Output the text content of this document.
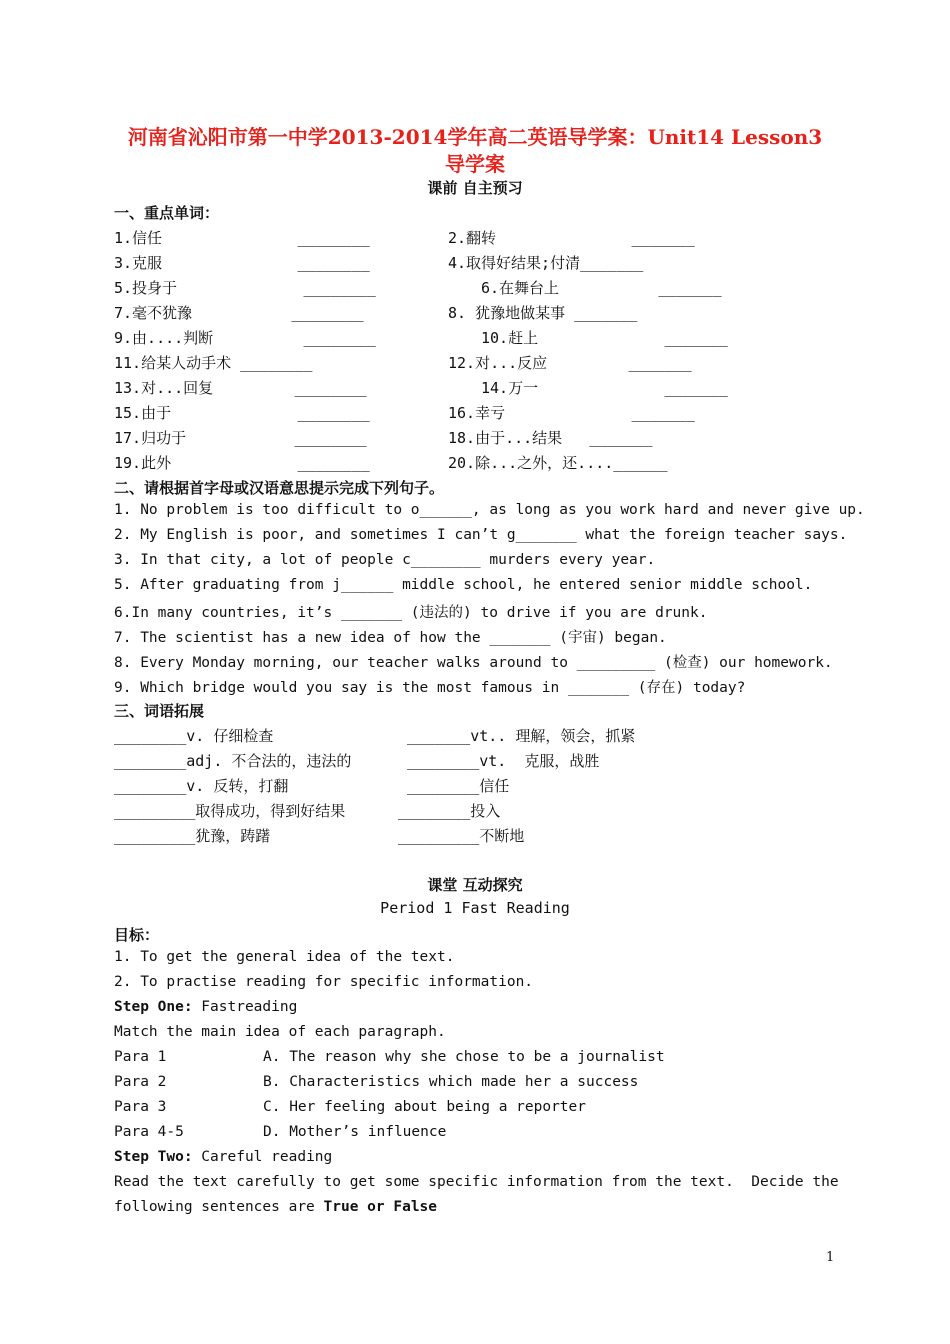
河南省沁阳市第一中学2013-2014学年高二英语导学案：Unit14 Lesson3
导学案
课前 自主预习
一、重点单词：
1.信任               ________	2.翻转               _______
3.克服               ________	4.取得好结果;付清_______
5.投身于              ________	6.在舞台上           _______
7.毫不犹豫           ________	8. 犹豫地做某事 _______
9.由....判断          ________	10.赶上              _______
11.给某人动手术 ________	12.对...反应         _______
13.对...回复         ________	14.万一              _______
15.由于              ________	16.幸亏              _______
17.归功于            ________	18.由于...结果   _______
19.此外              ________	20.除...之外，还....______
二、请根据首字母或汉语意思提示完成下列句子。
1. No problem is too difficult to o______, as long as you work hard and never give up.
2. My English is poor, and sometimes I can’t g_______ what the foreign teacher says.
3. In that city, a lot of people c________ murders every year.
5. After graduating from j______ middle school, he entered senior middle school.
6.In many countries, it’s _______ (违法的) to drive if you are drunk.
7. The scientist has a new idea of how the _______ (宇宙) began.
8. Every Monday morning, our teacher walks around to _________ (检查) our homework.
9. Which bridge would you say is the most famous in _______ (存在) today?
三、词语拓展
________v. 仔细检查	_______vt.. 理解，领会，抓紧
________adj. 不合法的，违法的	________vt.  克服，战胜
________v. 反转，打翻	________信任
_________取得成功，得到好结果	________投入
_________犹豫，踌躇	_________不断地
课堂 互动探究
Period 1 Fast Reading
目标：
1. To get the general idea of the text.
2. To practise reading for specific information.
Step One: Fastreading
Match the main idea of each paragraph.
Para 1	A. The reason why she chose to be a journalist
Para 2	B. Characteristics which made her a success
Para 3	C. Her feeling about being a reporter
Para 4-5	D. Mother’s influence
Step Two: Careful reading
Read the text carefully to get some specific information from the text.  Decide the
following sentences are True or False
1
